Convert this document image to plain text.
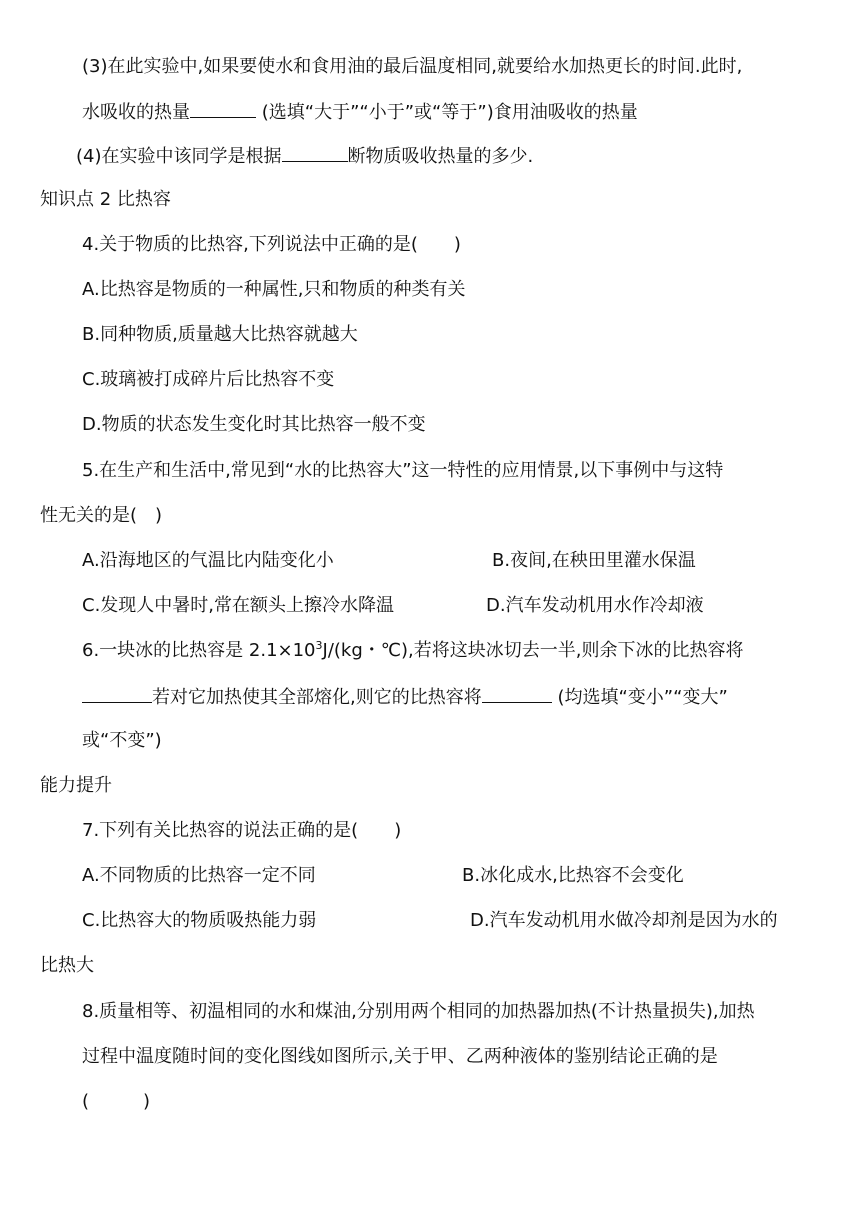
(3)在此实验中,如果要使水和食用油的最后温度相同,就要给水加热更长的时间.此时,
水吸收的热量	(选填“大于”“小于”或“等于”)食用油吸收的热量
(4)在实验中该同学是根据	断物质吸收热量的多少.
知识点 2 比热容
4.关于物质的比热容,下列说法中正确的是(　　)
A.比热容是物质的一种属性,只和物质的种类有关
B.同种物质,质量越大比热容就越大
C.玻璃被打成碎片后比热容不变
D.物质的状态发生变化时其比热容一般不变
5.在生产和生活中,常见到“水的比热容大”这一特性的应用情景,以下事例中与这特
性无关的是(　)
A.沿海地区的气温比内陆变化小	B.夜间,在秧田里灌水保温
C.发现人中暑时,常在额头上擦冷水降温	D.汽车发动机用水作冷却液
6.一块冰的比热容是 $2.1\times 10^3J/(kg$・℃),若将这块冰切去一半,则余下冰的比热容将
若对它加热使其全部熔化,则它的比热容将	(均选填“变小”“变大”
或“不变”)
能力提升
7.下列有关比热容的说法正确的是(　　)
A.不同物质的比热容一定不同	B.冰化成水,比热容不会变化
C.比热容大的物质吸热能力弱	D.汽车发动机用水做冷却剂是因为水的
比热大
8.质量相等、初温相同的水和煤油,分别用两个相同的加热器加热(不计热量损失),加热
过程中温度随时间的变化图线如图所示,关于甲、乙两种液体的鉴别结论正确的是
(　　　)
